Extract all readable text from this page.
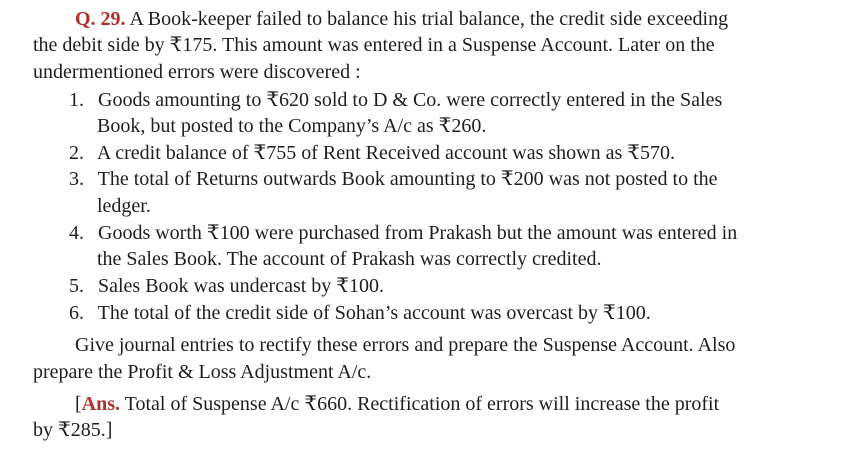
Q. 29. A Book-keeper failed to balance his trial balance, the credit side exceeding
the debit side by ₹175. This amount was entered in a Suspense Account. Later on the
undermentioned errors were discovered :
1. Goods amounting to ₹620 sold to D & Co. were correctly entered in the Sales
Book, but posted to the Company’s A/c as ₹260.
2. A credit balance of ₹755 of Rent Received account was shown as ₹570.
3. The total of Returns outwards Book amounting to ₹200 was not posted to the
ledger.
4. Goods worth ₹100 were purchased from Prakash but the amount was entered in
the Sales Book. The account of Prakash was correctly credited.
5. Sales Book was undercast by ₹100.
6. The total of the credit side of Sohan’s account was overcast by ₹100.
Give journal entries to rectify these errors and prepare the Suspense Account. Also
prepare the Profit & Loss Adjustment A/c.
[Ans. Total of Suspense A/c ₹660. Rectification of errors will increase the profit
by ₹285.]
